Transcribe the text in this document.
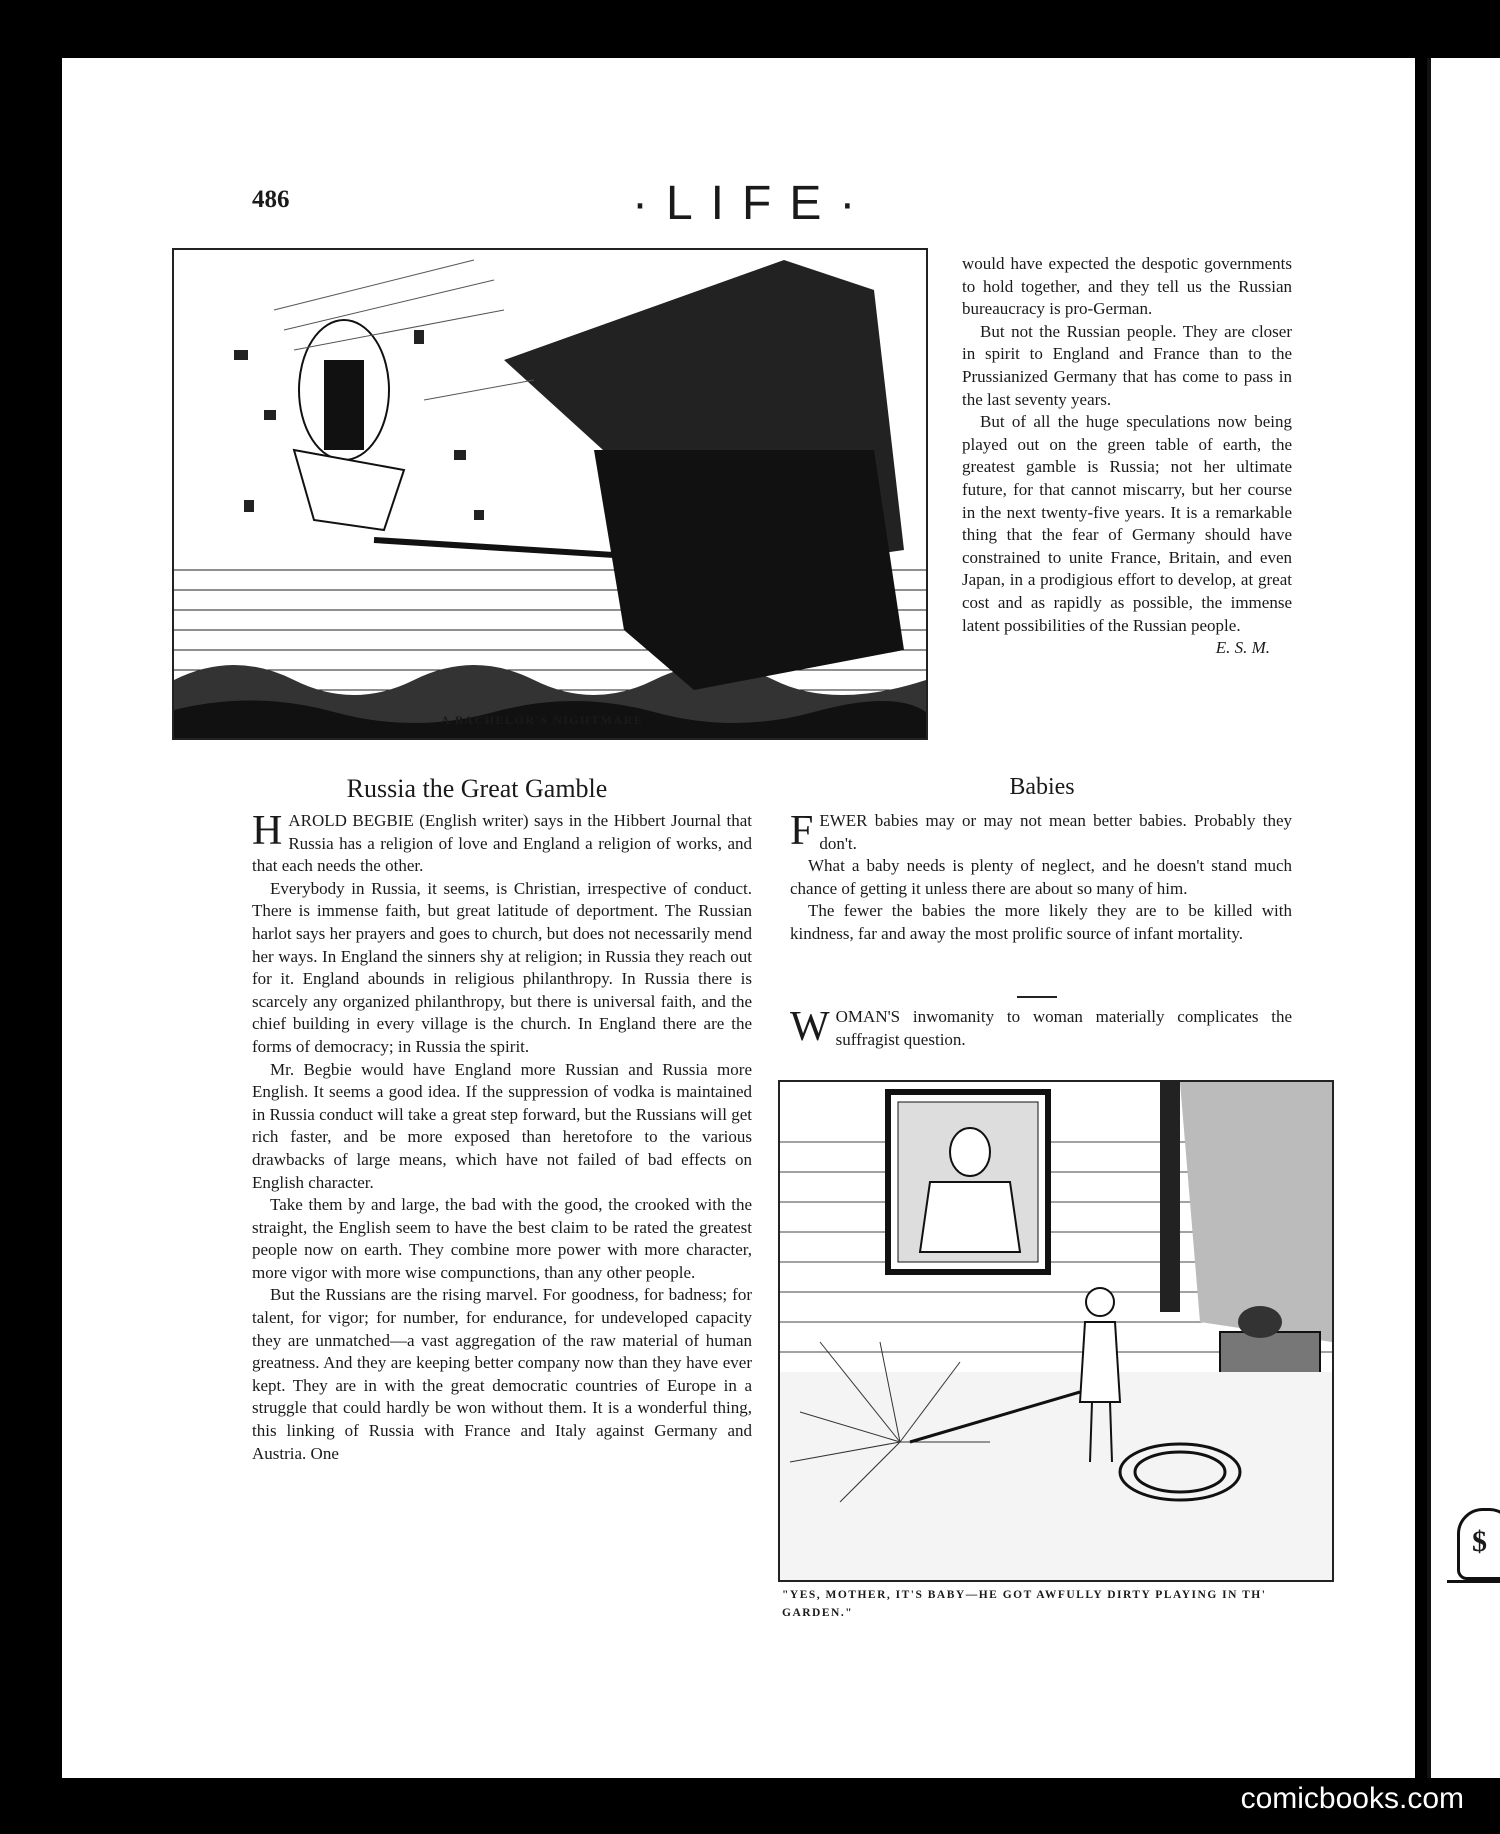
486	·LIFE·
A BACHELOR'S NIGHTMARE

would have expected the despotic governments to hold together, and they tell us the Russian bureaucracy is pro-German.

But not the Russian people. They are closer in spirit to England and France than to the Prussianized Germany that has come to pass in the last seventy years.

But of all the huge speculations now being played out on the green table of earth, the greatest gamble is Russia; not her ultimate future, for that cannot miscarry, but her course in the next twenty-five years. It is a remarkable thing that the fear of Germany should have constrained to unite France, Britain, and even Japan, in a prodigious effort to develop, at great cost and as rapidly as possible, the immense latent possibilities of the Russian people.

E. S. M.
Russia the Great Gamble

HAROLD BEGBIE (English writer) says in the Hibbert Journal that Russia has a religion of love and England a religion of works, and that each needs the other.

Everybody in Russia, it seems, is Christian, irrespective of conduct. There is immense faith, but great latitude of deportment. The Russian harlot says her prayers and goes to church, but does not necessarily mend her ways. In England the sinners shy at religion; in Russia they reach out for it. England abounds in religious philanthropy. In Russia there is scarcely any organized philanthropy, but there is universal faith, and the chief building in every village is the church. In England there are the forms of democracy; in Russia the spirit.

Mr. Begbie would have England more Russian and Russia more English. It seems a good idea. If the suppression of vodka is maintained in Russia conduct will take a great step forward, but the Russians will get rich faster, and be more exposed than heretofore to the various drawbacks of large means, which have not failed of bad effects on English character.

Take them by and large, the bad with the good, the crooked with the straight, the English seem to have the best claim to be rated the greatest people now on earth. They combine more power with more character, more vigor with more wise compunctions, than any other people.

But the Russians are the rising marvel. For goodness, for badness; for talent, for vigor; for number, for endurance, for undeveloped capacity they are unmatched—a vast aggregation of the raw material of human greatness. And they are keeping better company now than they have ever kept. They are in with the great democratic countries of Europe in a struggle that could hardly be won without them. It is a wonderful thing, this linking of Russia with France and Italy against Germany and Austria. One

Babies

FEWER babies may or may not mean better babies. Probably they don't.

What a baby needs is plenty of neglect, and he doesn't stand much chance of getting it unless there are about so many of him.

The fewer the babies the more likely they are to be killed with kindness, far and away the most prolific source of infant mortality.

WOMAN'S inwomanity to woman materially complicates the suffragist question.

"YES, MOTHER, IT'S BABY—HE GOT AWFULLY DIRTY PLAYING IN TH' GARDEN."
$
comicbooks.com
